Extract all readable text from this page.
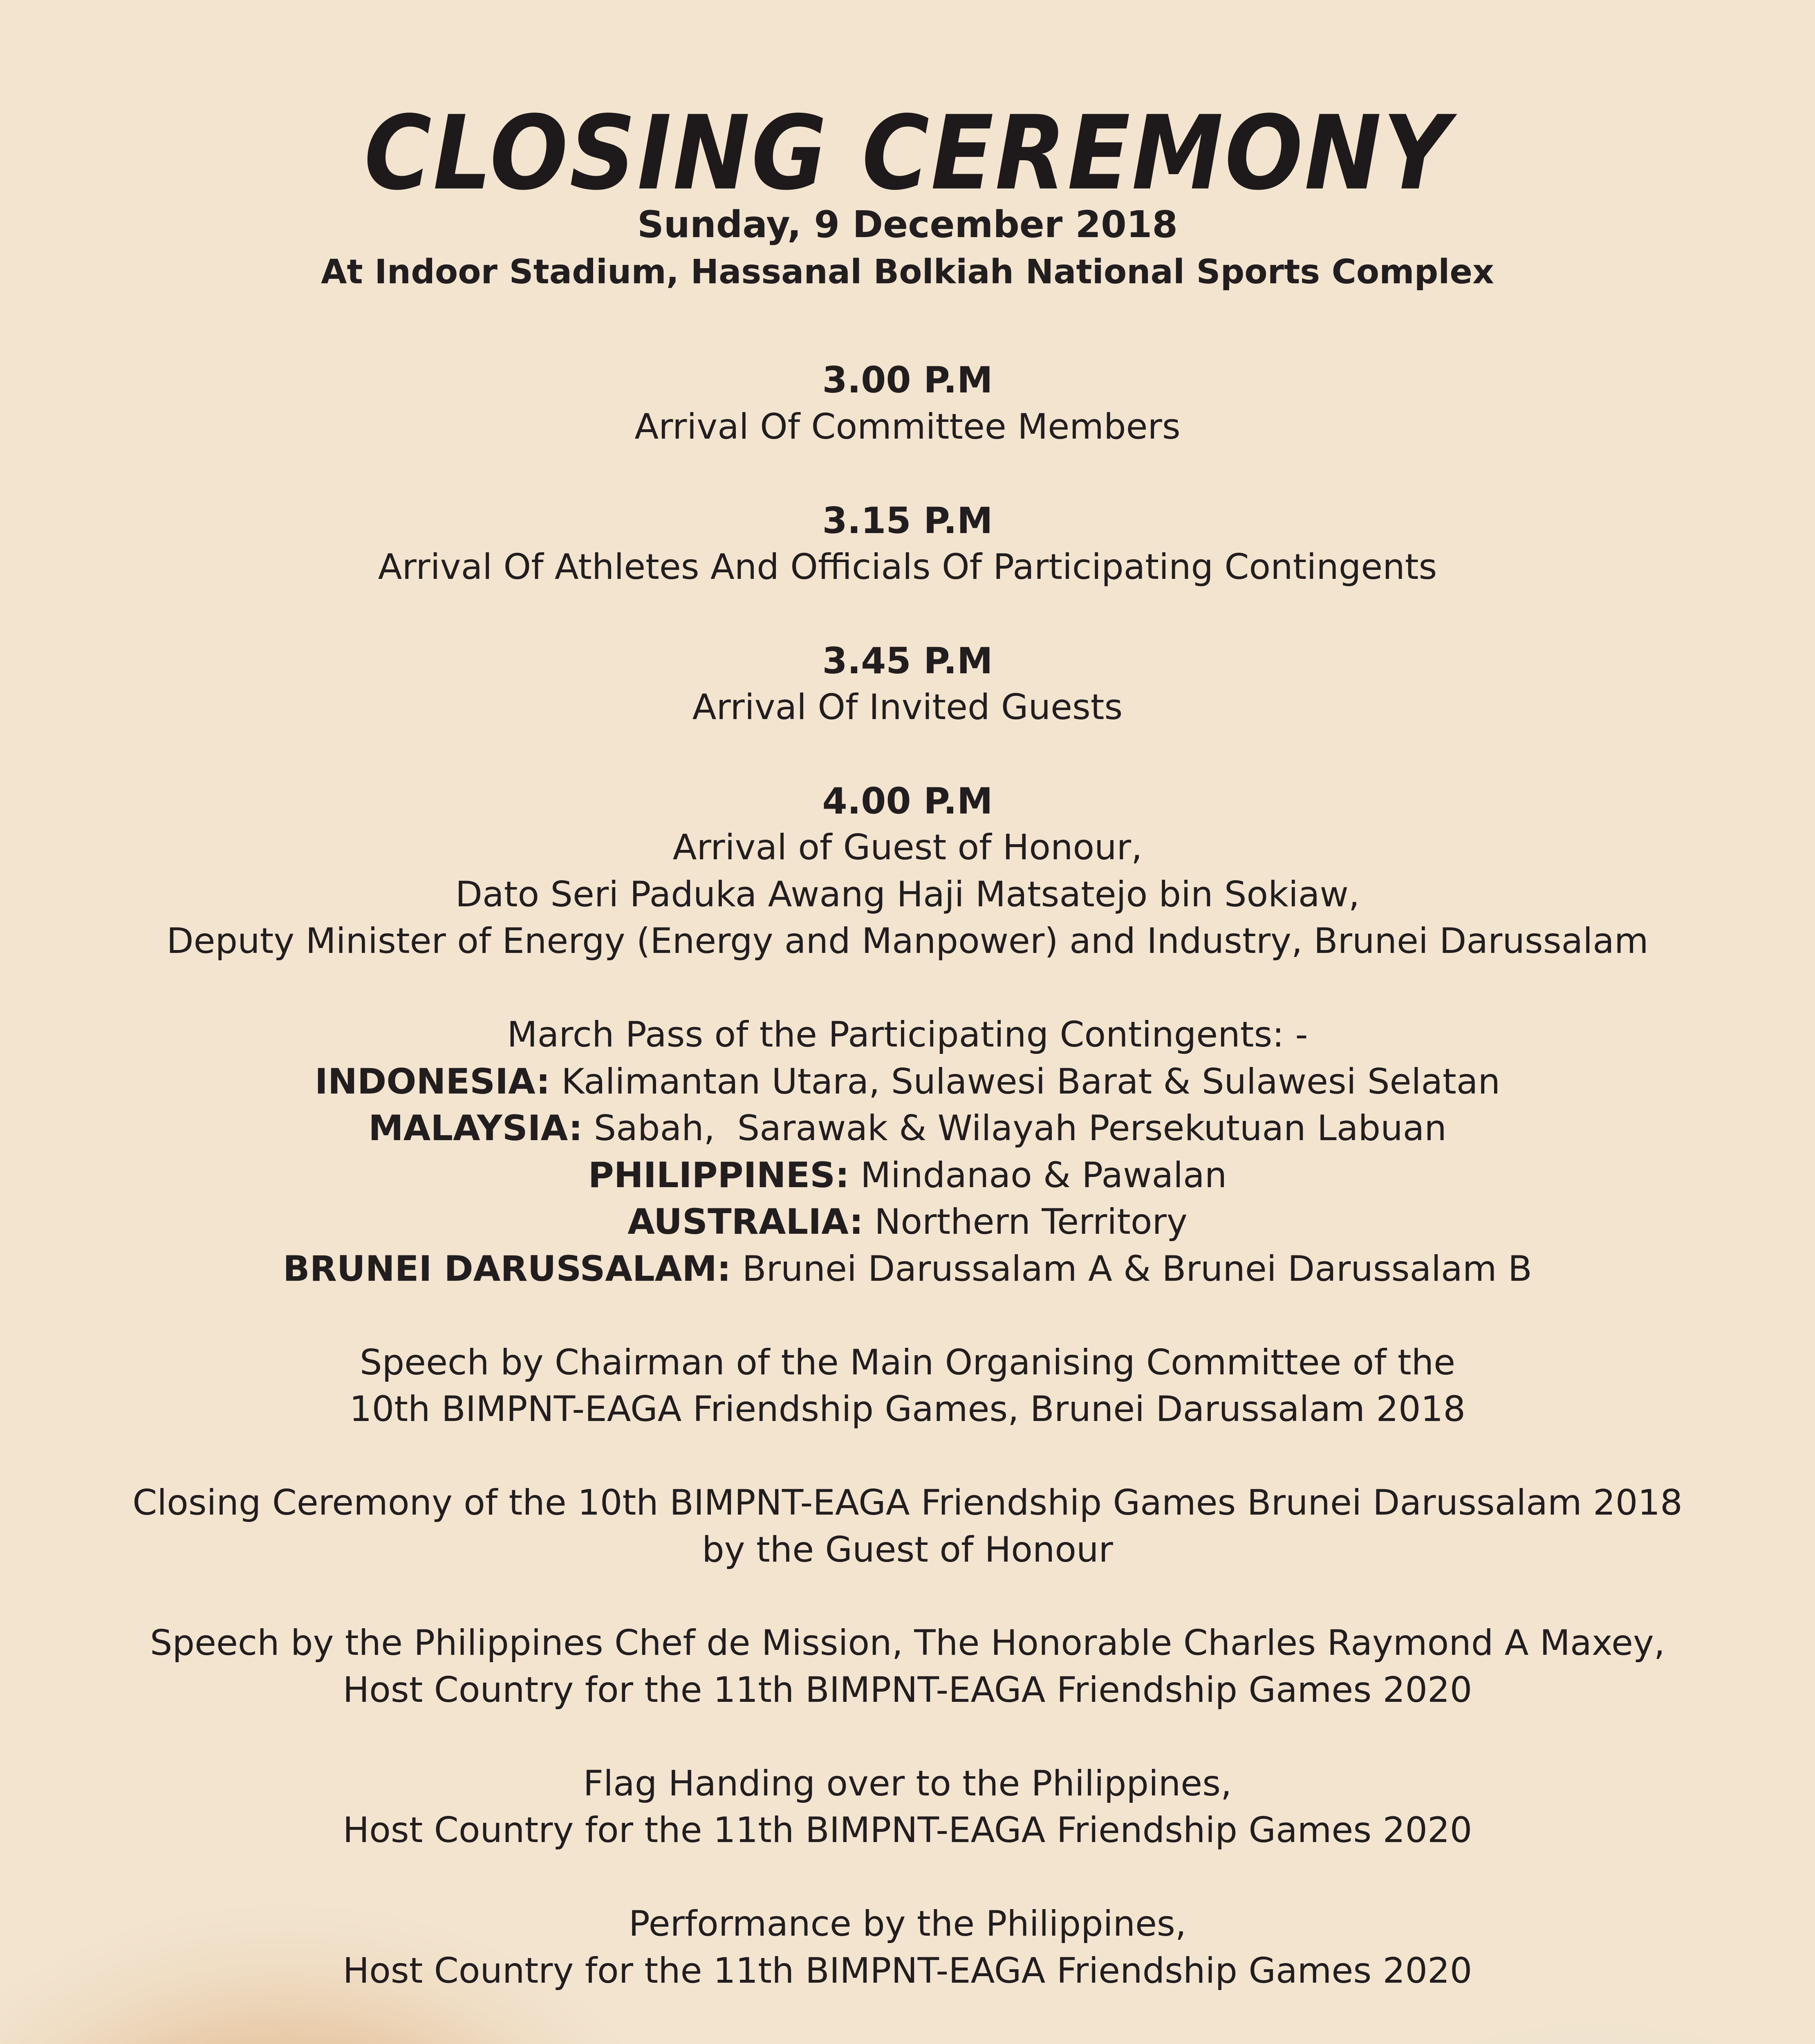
CLOSING CEREMONY
Sunday, 9 December 2018
At Indoor Stadium, Hassanal Bolkiah National Sports Complex
3.00 P.M
Arrival Of Committee Members
3.15 P.M
Arrival Of Athletes And Officials Of Participating Contingents
3.45 P.M
Arrival Of Invited Guests
4.00 P.M
Arrival of Guest of Honour,
Dato Seri Paduka Awang Haji Matsatejo bin Sokiaw,
Deputy Minister of Energy (Energy and Manpower) and Industry, Brunei Darussalam
March Pass of the Participating Contingents: -
INDONESIA: Kalimantan Utara, Sulawesi Barat & Sulawesi Selatan
MALAYSIA: Sabah,  Sarawak & Wilayah Persekutuan Labuan
PHILIPPINES: Mindanao & Pawalan
AUSTRALIA: Northern Territory
BRUNEI DARUSSALAM: Brunei Darussalam A & Brunei Darussalam B
Speech by Chairman of the Main Organising Committee of the
10th BIMPNT-EAGA Friendship Games, Brunei Darussalam 2018
Closing Ceremony of the 10th BIMPNT-EAGA Friendship Games Brunei Darussalam 2018
by the Guest of Honour
Speech by the Philippines Chef de Mission, The Honorable Charles Raymond A Maxey,
Host Country for the 11th BIMPNT-EAGA Friendship Games 2020
Flag Handing over to the Philippines,
Host Country for the 11th BIMPNT-EAGA Friendship Games 2020
Performance by the Philippines,
Host Country for the 11th BIMPNT-EAGA Friendship Games 2020
